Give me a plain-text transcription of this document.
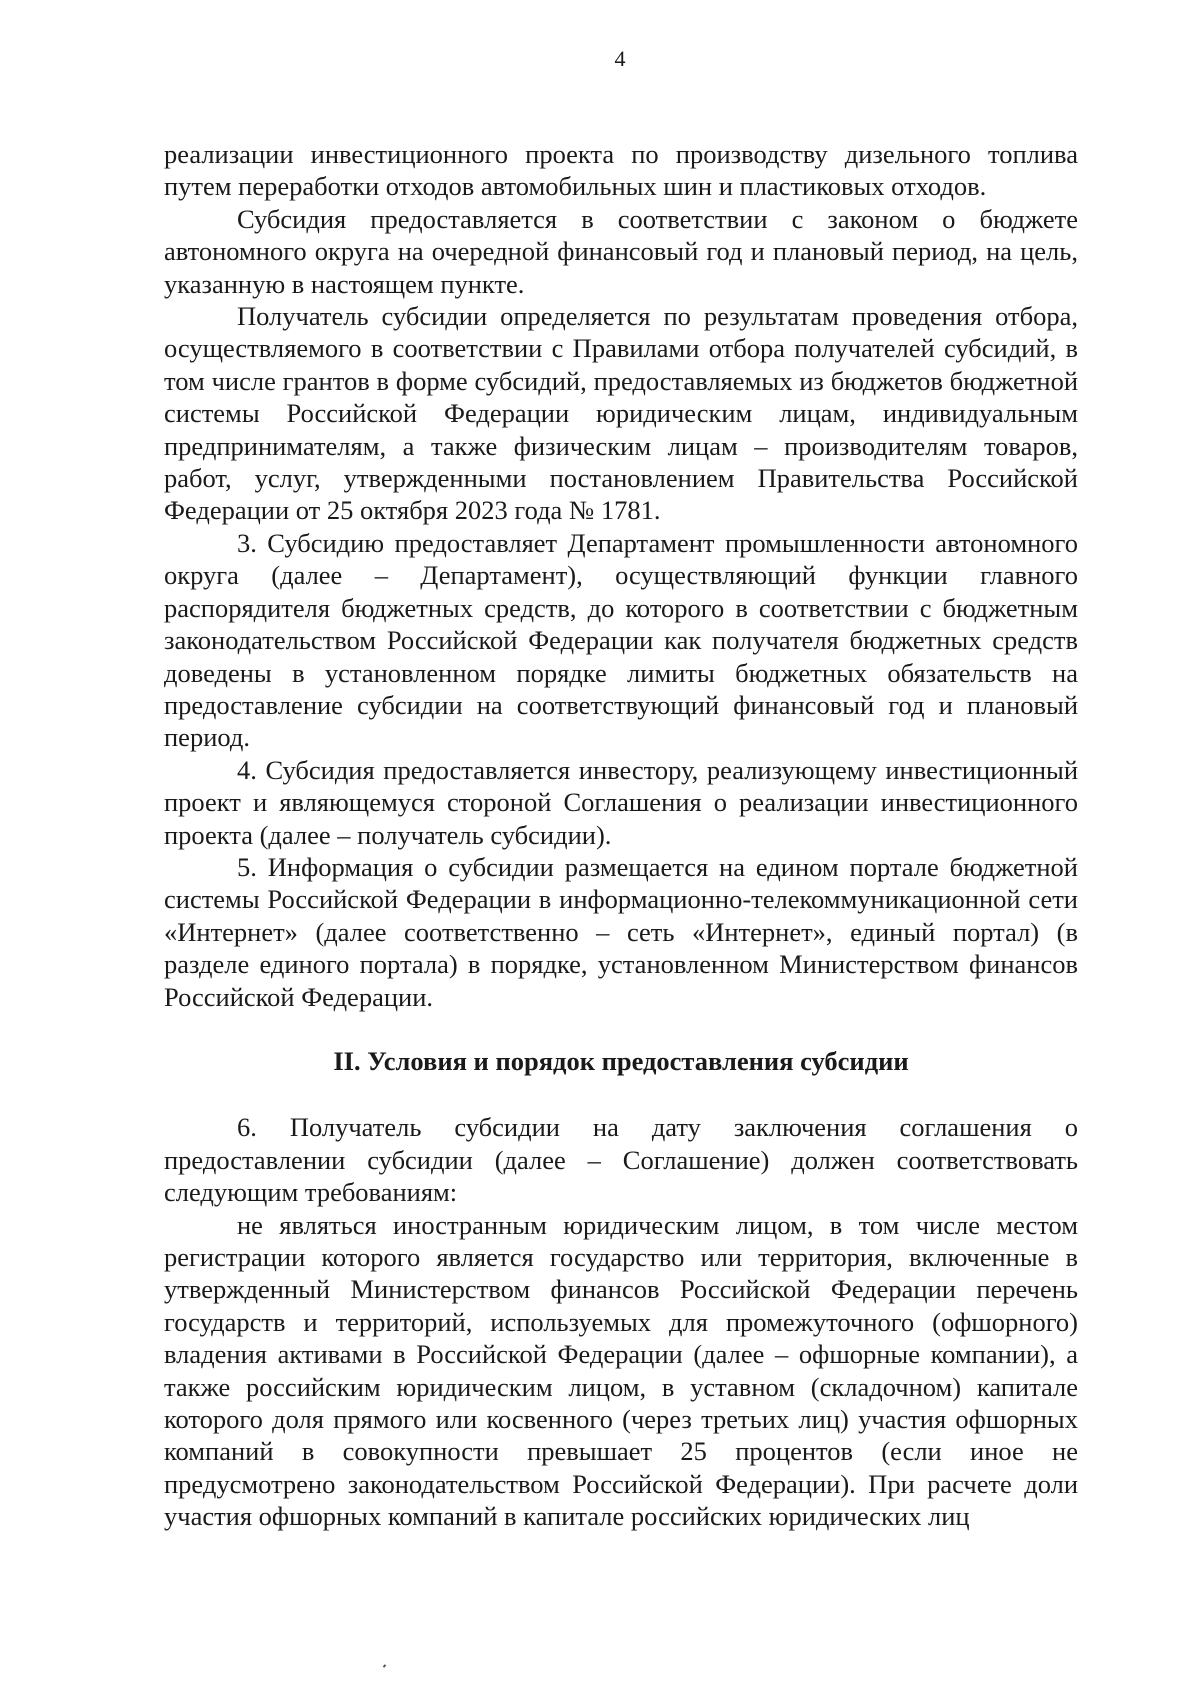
4

реализации инвестиционного проекта по производству дизельного топлива путем переработки отходов автомобильных шин и пластиковых отходов.

Субсидия предоставляется в соответствии с законом о бюджете автономного округа на очередной финансовый год и плановый период, на цель, указанную в настоящем пункте.

Получатель субсидии определяется по результатам проведения отбора, осуществляемого в соответствии с Правилами отбора получателей субсидий, в том числе грантов в форме субсидий, предоставляемых из бюджетов бюджетной системы Российской Федерации юридическим лицам, индивидуальным предпринимателям, а также физическим лицам – производителям товаров, работ, услуг, утвержденными постановлением Правительства Российской Федерации от 25 октября 2023 года № 1781.

3. Субсидию предоставляет Департамент промышленности автономного округа (далее – Департамент), осуществляющий функции главного распорядителя бюджетных средств, до которого в соответствии с бюджетным законодательством Российской Федерации как получателя бюджетных средств доведены в установленном порядке лимиты бюджетных обязательств на предоставление субсидии на соответствующий финансовый год и плановый период.

4. Субсидия предоставляется инвестору, реализующему инвестиционный проект и являющемуся стороной Соглашения о реализации инвестиционного проекта (далее – получатель субсидии).

5. Информация о субсидии размещается на едином портале бюджетной системы Российской Федерации в информационно-телекоммуникационной сети «Интернет» (далее соответственно – сеть «Интернет», единый портал) (в разделе единого портала) в порядке, установленном Министерством финансов Российской Федерации.

II. Условия и порядок предоставления субсидии

6. Получатель субсидии на дату заключения соглашения о предоставлении субсидии (далее – Соглашение) должен соответствовать следующим требованиям:

не являться иностранным юридическим лицом, в том числе местом регистрации которого является государство или территория, включенные в утвержденный Министерством финансов Российской Федерации перечень государств и территорий, используемых для промежуточного (офшорного) владения активами в Российской Федерации (далее – офшорные компании), а также российским юридическим лицом, в уставном (складочном) капитале которого доля прямого или косвенного (через третьих лиц) участия офшорных компаний в совокупности превышает 25 процентов (если иное не предусмотрено законодательством Российской Федерации). При расчете доли участия офшорных компаний в капитале российских юридических лиц
